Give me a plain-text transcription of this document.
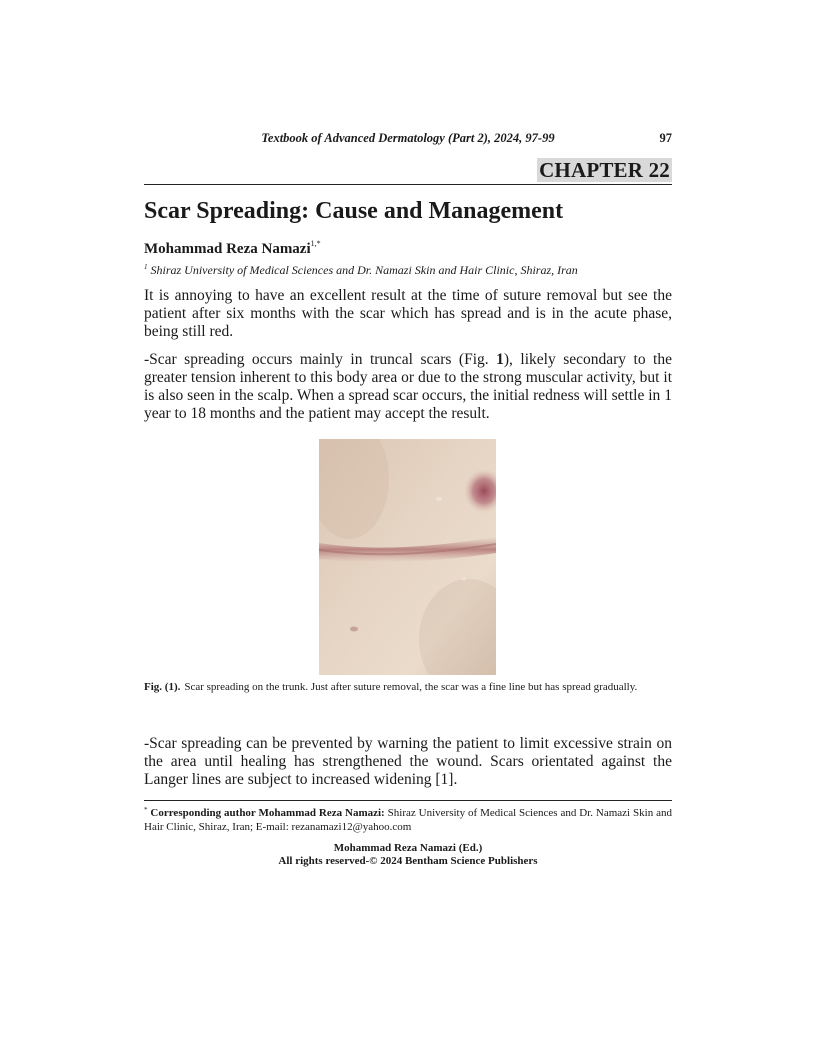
Textbook of Advanced Dermatology (Part 2), 2024, 97-99	97
CHAPTER 22
Scar Spreading: Cause and Management
Mohammad Reza Namazi$^{1,*}$
$^1$ Shiraz University of Medical Sciences and Dr. Namazi Skin and Hair Clinic, Shiraz, Iran

It is annoying to have an excellent result at the time of suture removal but see the patient after six months with the scar which has spread and is in the acute phase, being still red.

-Scar spreading occurs mainly in truncal scars (Fig. 1), likely secondary to the greater tension inherent to this body area or due to the strong muscular activity, but it is also seen in the scalp. When a spread scar occurs, the initial redness will settle in 1 year to 18 months and the patient may accept the result.

Fig. (1). Scar spreading on the trunk. Just after suture removal, the scar was a fine line but has spread gradually.

-Scar spreading can be prevented by warning the patient to limit excessive strain on the area until healing has strengthened the wound. Scars orientated against the Langer lines are subject to increased widening [1].

* Corresponding author Mohammad Reza Namazi: Shiraz University of Medical Sciences and Dr. Namazi Skin and Hair Clinic, Shiraz, Iran; E-mail: rezanamazi12@yahoo.com
Mohammad Reza Namazi (Ed.)
All rights reserved-© 2024 Bentham Science Publishers
